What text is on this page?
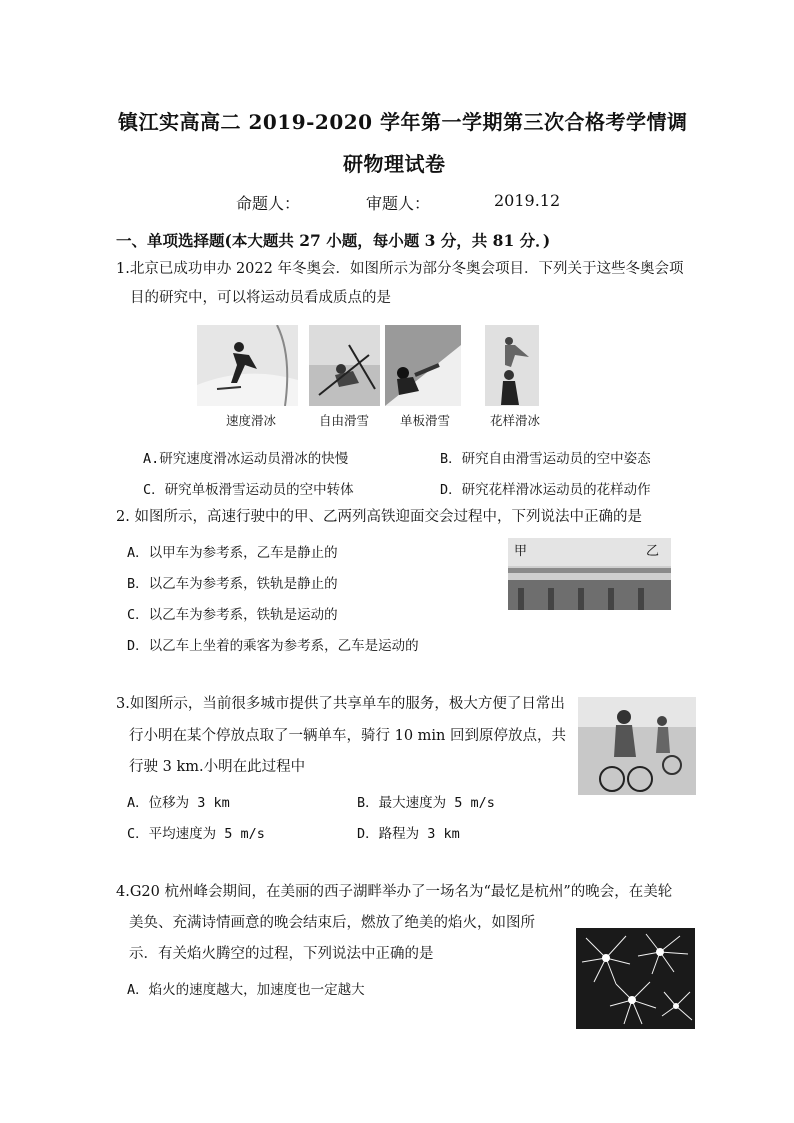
镇江实高高二 2019-2020 学年第一学期第三次合格考学情调
研物理试卷
命题人：	审题人：	2019.12
一、单项选择题(本大题共 27 小题，每小题 3 分，共 81 分．)
1.北京已成功申办 2022 年冬奥会．如图所示为部分冬奥会项目．下列关于这些冬奥会项
目的研究中，可以将运动员看成质点的是
速度滑冰	自由滑雪 单板滑雪	花样滑冰
A.研究速度滑冰运动员滑冰的快慢	B．研究自由滑雪运动员的空中姿态
C．研究单板滑雪运动员的空中转体	D．研究花样滑冰运动员的花样动作
2. 如图所示，高速行驶中的甲、乙两列高铁迎面交会过程中，下列说法中正确的是
A．以甲车为参考系，乙车是静止的
B．以乙车为参考系，铁轨是静止的
C．以乙车为参考系，铁轨是运动的
D．以乙车上坐着的乘客为参考系，乙车是运动的
甲	乙
3.如图所示，当前很多城市提供了共享单车的服务，极大方便了日常出
行小明在某个停放点取了一辆单车，骑行 10 min 回到原停放点，共
行驶 3 km.小明在此过程中
A．位移为 3 km	B．最大速度为 5 m/s
C．平均速度为 5 m/s	D．路程为 3 km
4.G20 杭州峰会期间，在美丽的西子湖畔举办了一场名为“最忆是杭州”的晚会，在美轮
美奂、充满诗情画意的晚会结束后，燃放了绝美的焰火，如图所
示．有关焰火腾空的过程，下列说法中正确的是
A．焰火的速度越大，加速度也一定越大
